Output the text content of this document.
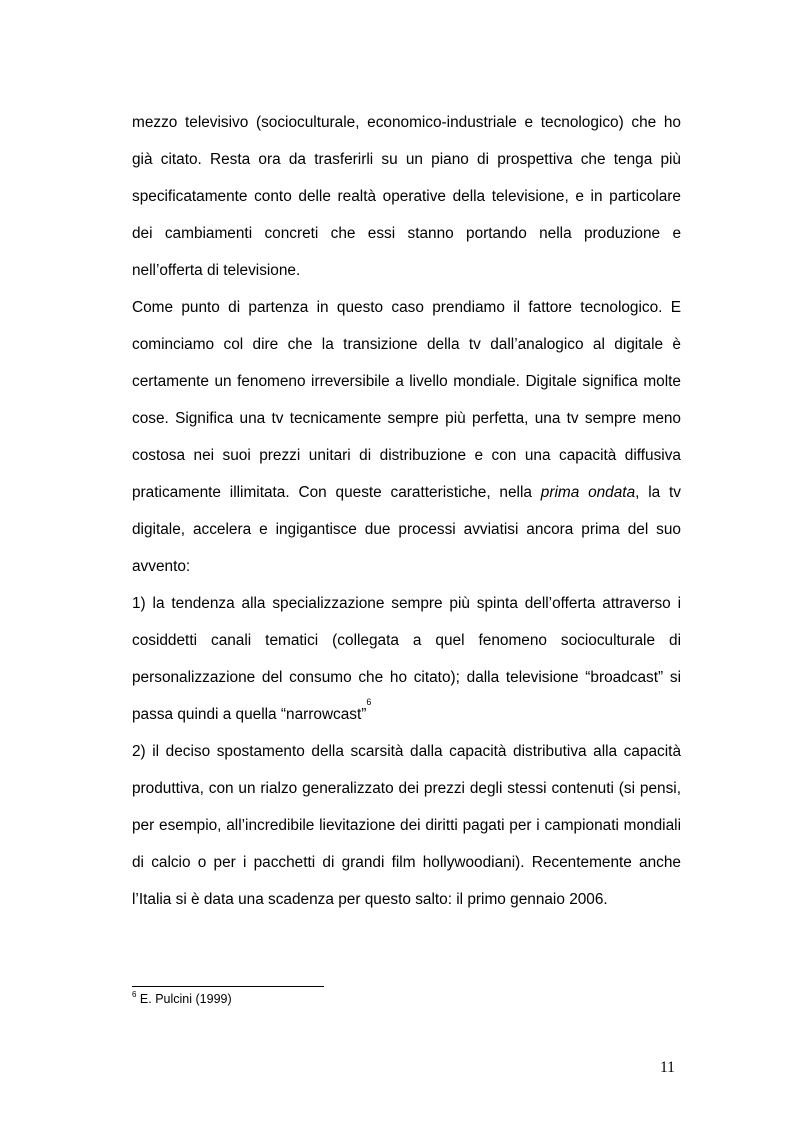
mezzo televisivo (socioculturale, economico-industriale e tecnologico) che ho già citato. Resta ora da trasferirli su un piano di prospettiva che tenga più specificatamente conto delle realtà operative della televisione, e in particolare dei cambiamenti concreti che essi stanno portando nella produzione e nell’offerta di televisione.

Come punto di partenza in questo caso prendiamo il fattore tecnologico. E cominciamo col dire che la transizione della tv dall’analogico al digitale è certamente un fenomeno irreversibile a livello mondiale. Digitale significa molte cose. Significa una tv tecnicamente sempre più perfetta, una tv sempre meno costosa nei suoi prezzi unitari di distribuzione e con una capacità diffusiva praticamente illimitata. Con queste caratteristiche, nella prima ondata, la tv digitale, accelera e ingigantisce due processi avviatisi ancora prima del suo avvento:

1) la tendenza alla specializzazione sempre più spinta dell’offerta attraverso i cosiddetti canali tematici (collegata a quel fenomeno socioculturale di personalizzazione del consumo che ho citato); dalla televisione “broadcast” si passa quindi a quella “narrowcast”$^6$

2) il deciso spostamento della scarsità dalla capacità distributiva alla capacità produttiva, con un rialzo generalizzato dei prezzi degli stessi contenuti (si pensi, per esempio, all’incredibile lievitazione dei diritti pagati per i campionati mondiali di calcio o per i pacchetti di grandi film hollywoodiani). Recentemente anche l’Italia si è data una scadenza per questo salto: il primo gennaio 2006.

$^6$ E. Pulcini (1999)
11
